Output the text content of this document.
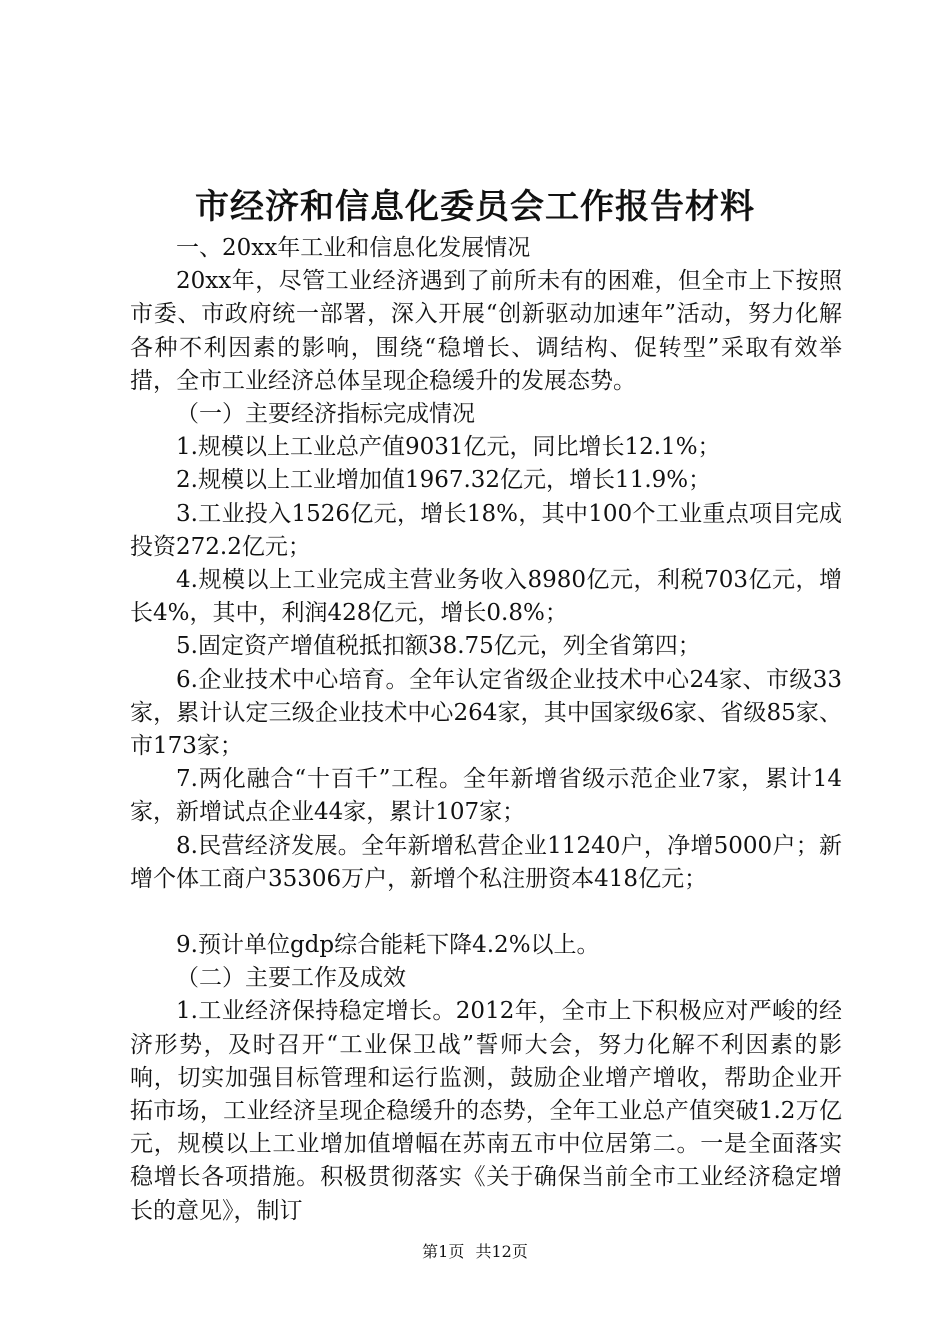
市经济和信息化委员会工作报告材料

一、20xx年工业和信息化发展情况

20xx年，尽管工业经济遇到了前所未有的困难，但全市上下按照市委、市政府统一部署，深入开展“创新驱动加速年”活动，努力化解各种不利因素的影响，围绕“稳增长、调结构、促转型”采取有效举措，全市工业经济总体呈现企稳缓升的发展态势。

（一）主要经济指标完成情况

1.规模以上工业总产值9031亿元，同比增长12.1%；

2.规模以上工业增加值1967.32亿元，增长11.9%；

3.工业投入1526亿元，增长18%，其中100个工业重点项目完成投资272.2亿元；

4.规模以上工业完成主营业务收入8980亿元，利税703亿元，增长4%，其中，利润428亿元，增长0.8%；

5.固定资产增值税抵扣额38.75亿元，列全省第四；

6.企业技术中心培育。全年认定省级企业技术中心24家、市级33家，累计认定三级企业技术中心264家，其中国家级6家、省级85家、市173家；

7.两化融合“十百千”工程。全年新增省级示范企业7家，累计14家，新增试点企业44家，累计107家；

8.民营经济发展。全年新增私营企业11240户，净增5000户；新增个体工商户35306万户，新增个私注册资本418亿元；

9.预计单位gdp综合能耗下降4.2%以上。

（二）主要工作及成效

1.工业经济保持稳定增长。2012年，全市上下积极应对严峻的经济形势，及时召开“工业保卫战”誓师大会，努力化解不利因素的影响，切实加强目标管理和运行监测，鼓励企业增产增收，帮助企业开拓市场，工业经济呈现企稳缓升的态势，全年工业总产值突破1.2万亿元，规模以上工业增加值增幅在苏南五市中位居第二。一是全面落实稳增长各项措施。积极贯彻落实《关于确保当前全市工业经济稳定增长的意见》，制订

第1页 共12页
